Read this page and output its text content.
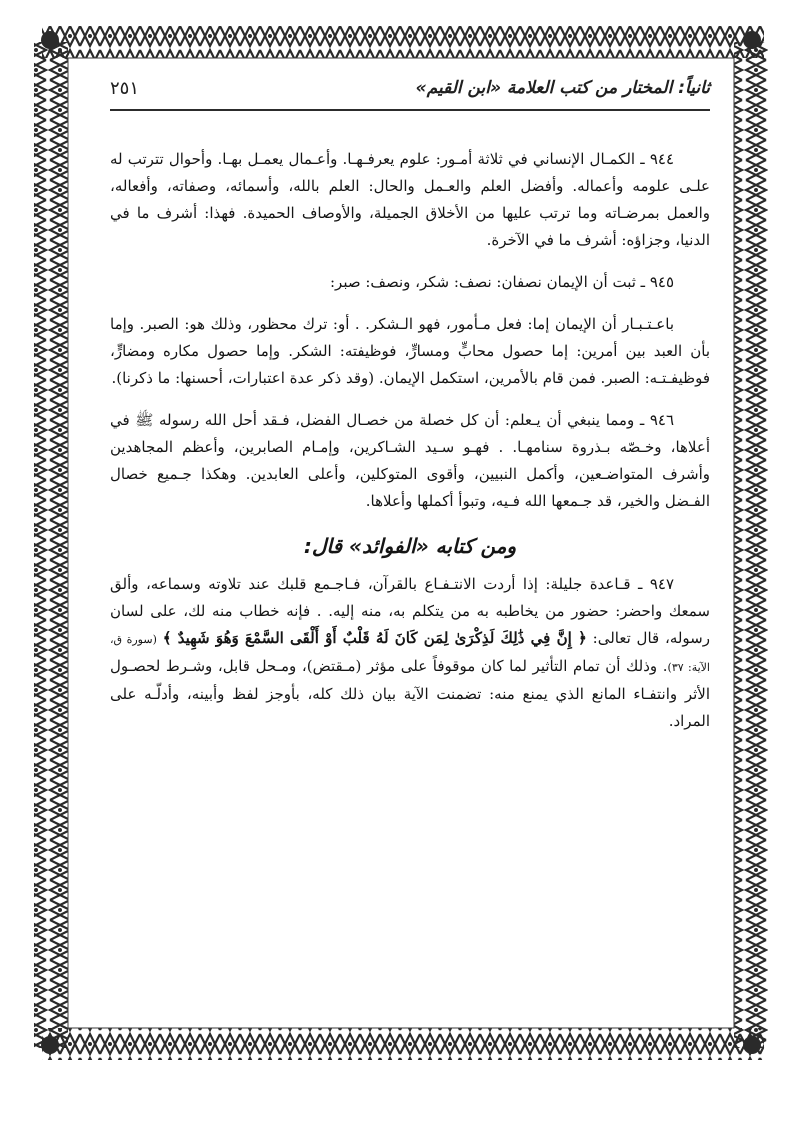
ثانياً: المختار من كتب العلامة «ابن القيم»
٢٥١

٩٤٤ ـ الكمـال الإنساني في ثلاثة أمـور: علوم يعرفـهـا. وأعـمال يعمـل بهـا. وأحوال تترتب له علـى علومه وأعماله. وأفضل العلم والعـمل والحال: العلم بالله، وأسمائه، وصفاته، وأفعاله، والعمل بمرضـاته وما ترتب عليها من الأخلاق الجميلة، والأوصاف الحميدة. فهذا: أشرف ما في الدنيا، وجزاؤه: أشرف ما في الآخرة.

٩٤٥ ـ ثبت أن الإيمان نصفان: نصف: شكر، ونصف: صبر:

باعـتـبـار أن الإيمان إما: فعل مـأمور، فهو الـشكر. . أو: ترك محظور، وذلك هو: الصبر. وإما بأن العبد بين أمرين: إما حصول محابٍّ ومسارٍّ، فوظيفته: الشكر. وإما حصول مكاره ومضارٍّ، فوظيفـتـه: الصبر. فمن قام بالأمرين، استكمل الإيمان. (وقد ذكر عدة اعتبارات، أحسنها: ما ذكرنا).

٩٤٦ ـ ومما ينبغي أن يـعلم: أن كل خصلة من خصـال الفضل، فـقد أحل الله رسوله ﷺ في أعلاها، وخـصّه بـذروة سنامهـا. . فهـو سـيد الشـاكرين، وإمـام الصابرين، وأعظم المجاهدين وأشرف المتواضـعين، وأكمل النبيين، وأقوى المتوكلين، وأعلى العابدين. وهكذا جـميع خصال الفـضل والخير، قد جـمعها الله فـيه، وتبوأ أكملها وأعلاها.

ومن كتابه «الفوائد» قال:

٩٤٧ ـ قـاعدة جليلة: إذا أردت الانتـفـاع بالقرآن، فـاجـمع قلبك عند تلاوته وسماعه، وألق سمعك واحضر: حضور من يخاطبه به من يتكلم به، منه إليه. . فإنه خطاب منه لك، على لسان رسوله، قال تعالى: ﴿ إِنَّ فِي ذَٰلِكَ لَذِكْرَىٰ لِمَن كَانَ لَهُ قَلْبٌ أَوْ أَلْقَى السَّمْعَ وَهُوَ شَهِيدٌ ﴾ (سورة ق، الآية: ٣٧). وذلك أن تمام التأثير لما كان موقوفاً على مؤثر (مـقتض)، ومـحل قابل، وشـرط لحصـول الأثر وانتفـاء المانع الذي يمنع منه: تضمنت الآية بيان ذلك كله، بأوجز لفظ وأبينه، وأدلّـه على المراد.
